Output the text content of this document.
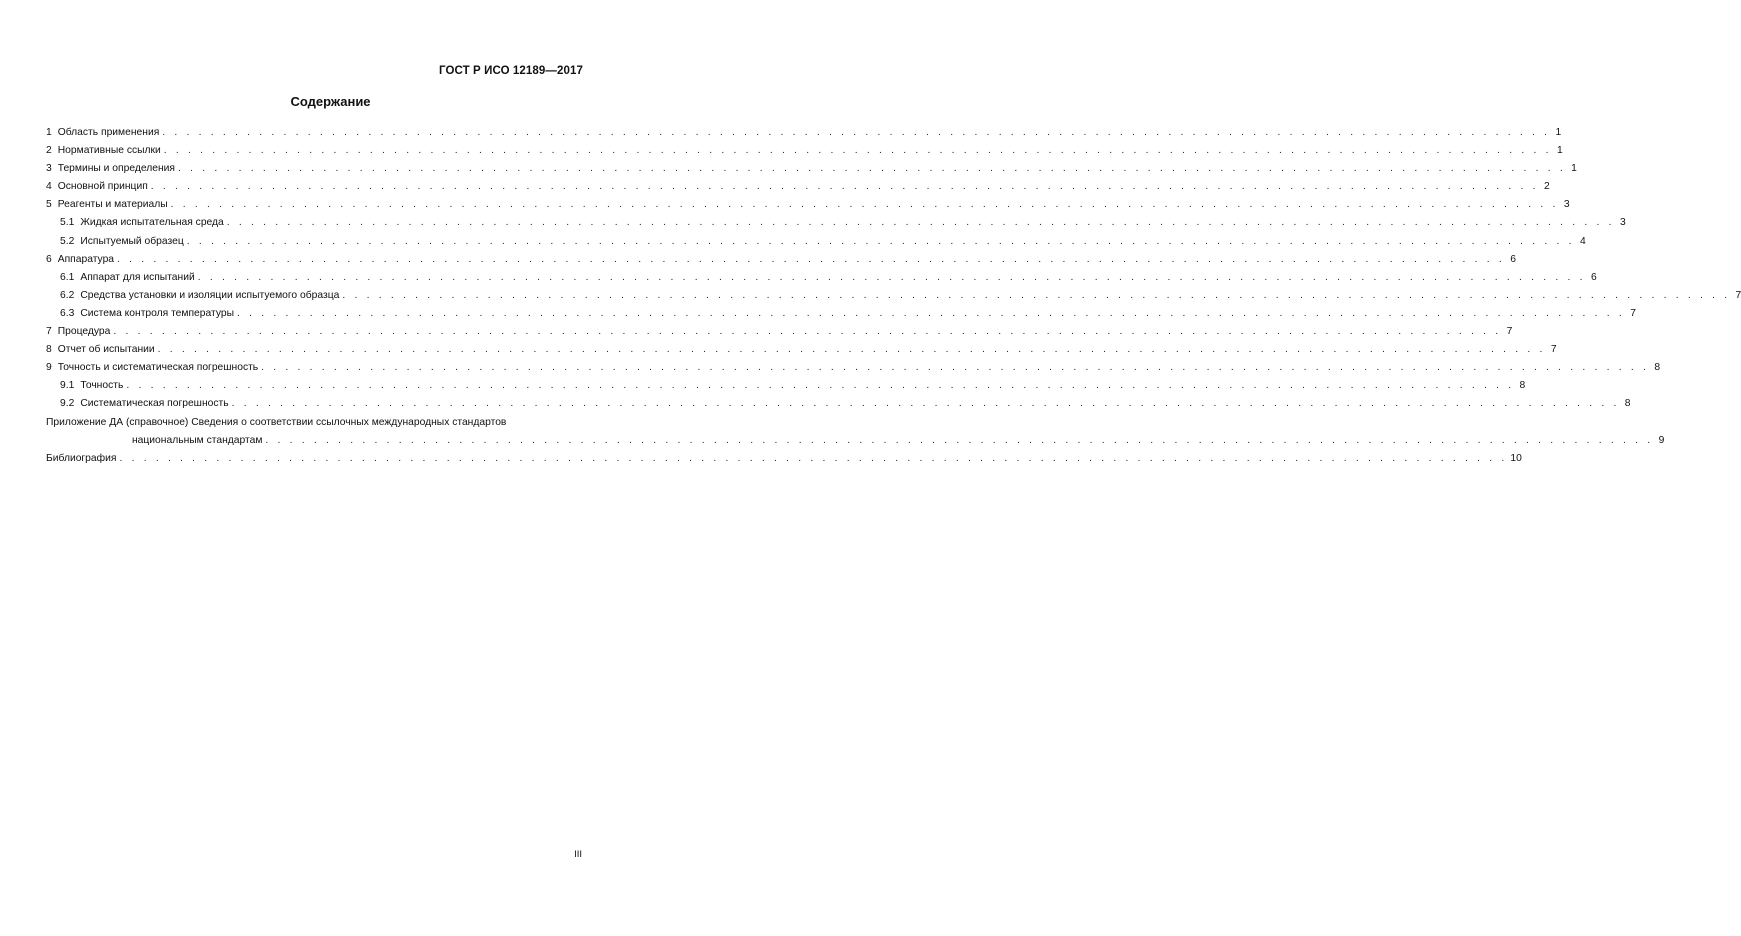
ГОСТ Р ИСО 12189—2017
Содержание
1 Область применения . . .	1
2 Нормативные ссылки . . .	1
3 Термины и определения . . .	1
4 Основной принцип . . .	2
5 Реагенты и материалы . . .	3
5.1 Жидкая испытательная среда . . .	3
5.2 Испытуемый образец . . .	4
6 Аппаратура . . .	6
6.1 Аппарат для испытаний . . .	6
6.2 Средства установки и изоляции испытуемого образца . . .	7
6.3 Система контроля температуры . . .	7
7 Процедура . . .	7
8 Отчет об испытании . . .	7
9 Точность и систематическая погрешность . . .	8
9.1 Точность . . .	8
9.2 Систематическая погрешность . . .	8
Приложение ДА (справочное) Сведения о соответствии ссылочных международных стандартов
национальным стандартам . . .	9
Библиография . . .	10
III
